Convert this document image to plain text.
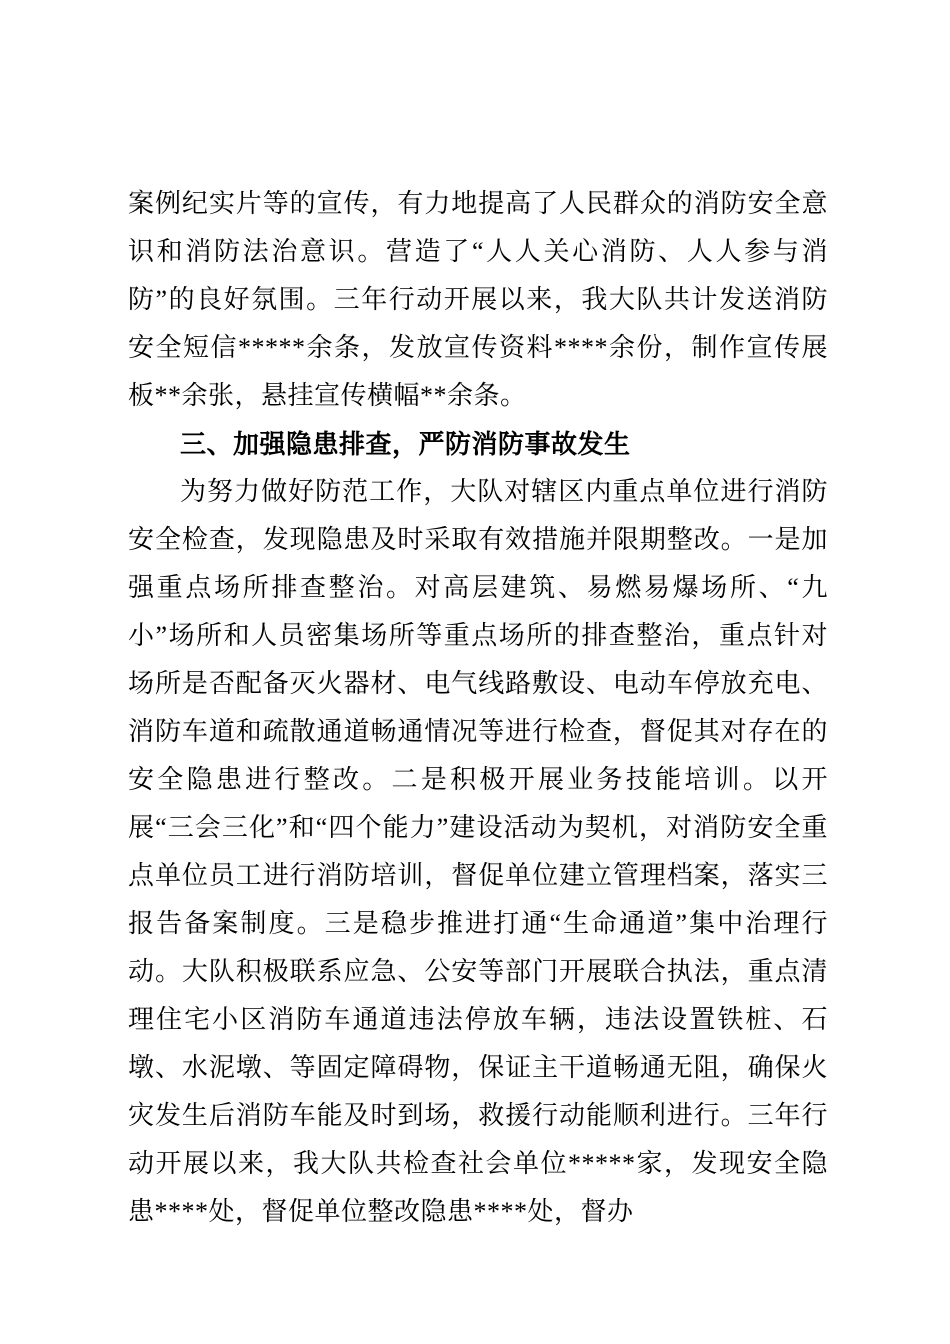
案例纪实片等的宣传，有力地提高了人民群众的消防安全意识和消防法治意识。营造了“人人关心消防、人人参与消防”的良好氛围。三年行动开展以来，我大队共计发送消防安全短信*****余条，发放宣传资料****余份，制作宣传展板**余张，悬挂宣传横幅**余条。

三、加强隐患排查，严防消防事故发生

为努力做好防范工作，大队对辖区内重点单位进行消防安全检查，发现隐患及时采取有效措施并限期整改。一是加强重点场所排查整治。对高层建筑、易燃易爆场所、“九小”场所和人员密集场所等重点场所的排查整治，重点针对场所是否配备灭火器材、电气线路敷设、电动车停放充电、消防车道和疏散通道畅通情况等进行检查，督促其对存在的安全隐患进行整改。二是积极开展业务技能培训。以开展“三会三化”和“四个能力”建设活动为契机，对消防安全重点单位员工进行消防培训，督促单位建立管理档案，落实三报告备案制度。三是稳步推进打通“生命通道”集中治理行动。大队积极联系应急、公安等部门开展联合执法，重点清理住宅小区消防车通道违法停放车辆，违法设置铁桩、石墩、水泥墩、等固定障碍物，保证主干道畅通无阻，确保火灾发生后消防车能及时到场，救援行动能顺利进行。三年行动开展以来，我大队共检查社会单位*****家，发现安全隐患****处，督促单位整改隐患****处，督办
